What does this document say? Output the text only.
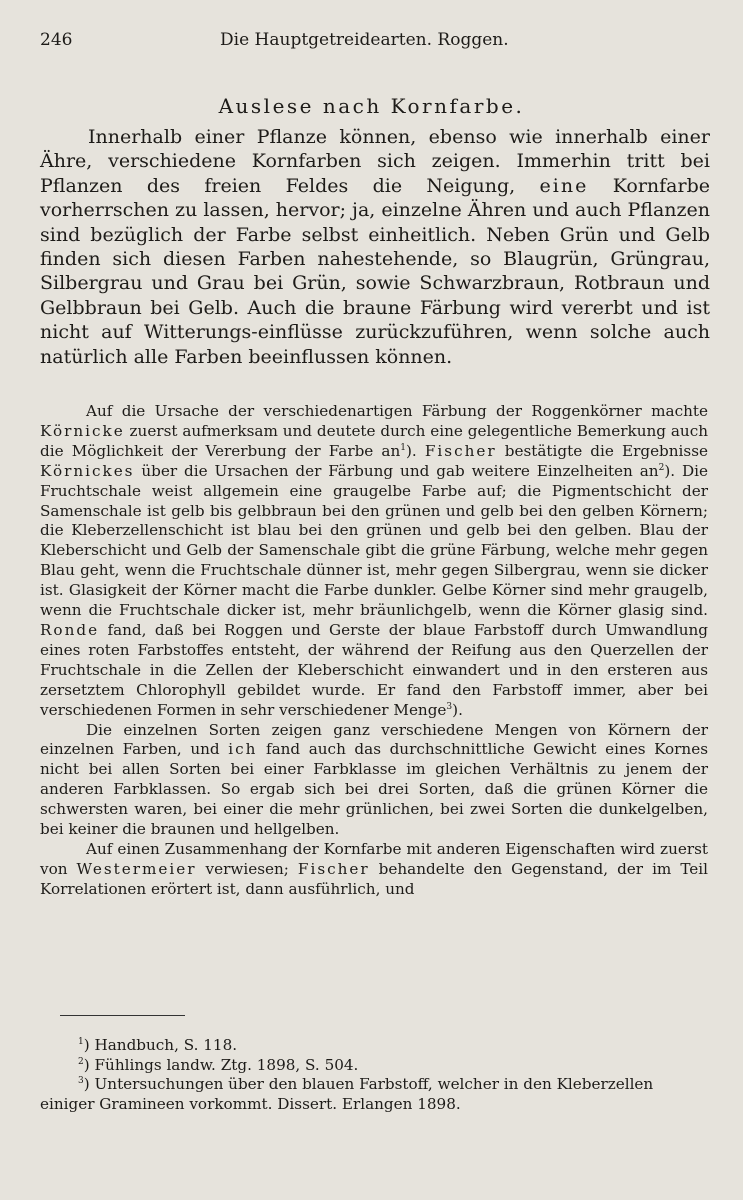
246	Die Hauptgetreidearten. Roggen.
Auslese nach Kornfarbe.

Innerhalb einer Pflanze können, ebenso wie innerhalb einer Ähre, verschiedene Kornfarben sich zeigen. Immerhin tritt bei Pflanzen des freien Feldes die Neigung, eine Kornfarbe vorherrschen zu lassen, hervor; ja, einzelne Ähren und auch Pflanzen sind bezüglich der Farbe selbst einheitlich. Neben Grün und Gelb finden sich diesen Farben nahestehende, so Blaugrün, Grüngrau, Silbergrau und Grau bei Grün, sowie Schwarzbraun, Rotbraun und Gelbbraun bei Gelb. Auch die braune Färbung wird vererbt und ist nicht auf Witterungs-einflüsse zurückzuführen, wenn solche auch natürlich alle Farben beeinflussen können.

Auf die Ursache der verschiedenartigen Färbung der Roggenkörner machte Körnicke zuerst aufmerksam und deutete durch eine gelegentliche Bemerkung auch die Möglichkeit der Vererbung der Farbe $an^1$). Fischer bestätigte die Ergebnisse Körnickes über die Ursachen der Färbung und gab weitere Einzelheiten $an^2$). Die Fruchtschale weist allgemein eine graugelbe Farbe auf; die Pigmentschicht der Samenschale ist gelb bis gelbbraun bei den grünen und gelb bei den gelben Körnern; die Kleberzellenschicht ist blau bei den grünen und gelb bei den gelben. Blau der Kleberschicht und Gelb der Samenschale gibt die grüne Färbung, welche mehr gegen Blau geht, wenn die Fruchtschale dünner ist, mehr gegen Silbergrau, wenn sie dicker ist. Glasigkeit der Körner macht die Farbe dunkler. Gelbe Körner sind mehr graugelb, wenn die Fruchtschale dicker ist, mehr bräunlichgelb, wenn die Körner glasig sind. Ronde fand, daß bei Roggen und Gerste der blaue Farbstoff durch Umwandlung eines roten Farbstoffes entsteht, der während der Reifung aus den Querzellen der Fruchtschale in die Zellen der Kleberschicht einwandert und in den ersteren aus zersetztem Chlorophyll gebildet wurde. Er fand den Farbstoff immer, aber bei verschiedenen Formen in sehr verschiedener Menge$^3$).

Die einzelnen Sorten zeigen ganz verschiedene Mengen von Körnern der einzelnen Farben, und ich fand auch das durchschnittliche Gewicht eines Kornes nicht bei allen Sorten bei einer Farbklasse im gleichen Verhältnis zu jenem der anderen Farbklassen. So ergab sich bei drei Sorten, daß die grünen Körner die schwersten waren, bei einer die mehr grünlichen, bei zwei Sorten die dunkelgelben, bei keiner die braunen und hellgelben.

Auf einen Zusammenhang der Kornfarbe mit anderen Eigenschaften wird zuerst von Westermeier verwiesen; Fischer behandelte den Gegenstand, der im Teil Korrelationen erörtert ist, dann ausführlich, und

$^1$) Handbuch, S. 118.

$^2$) Fühlings landw. Ztg. 1898, S. 504.

$^3$) Untersuchungen über den blauen Farbstoff, welcher in den Kleberzellen einiger Gramineen vorkommt. Dissert. Erlangen 1898.
